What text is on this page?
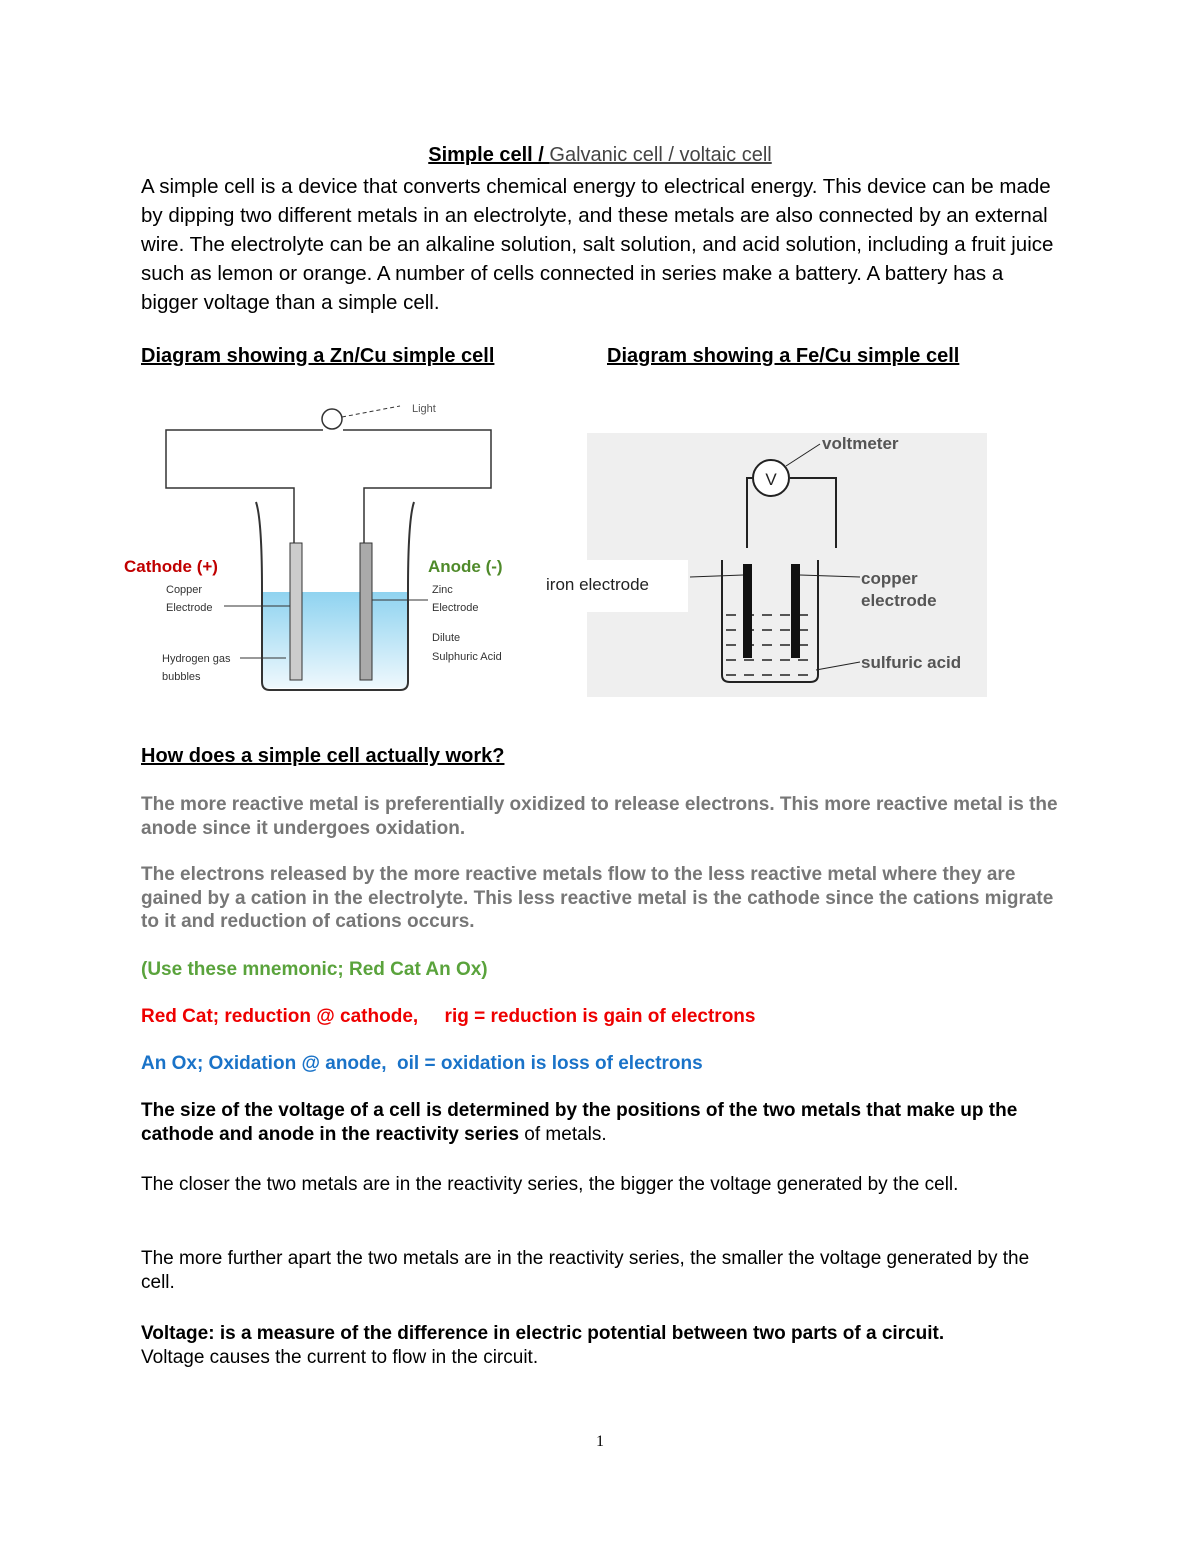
Simple cell / Galvanic cell / voltaic cell
A simple cell is a device that converts chemical energy to electrical energy. This device can be made by dipping two different metals in an electrolyte, and these metals are also connected by an external wire. The electrolyte can be an alkaline solution, salt solution, and acid solution, including a fruit juice such as lemon or orange. A number of cells connected in series make a battery. A battery has a bigger voltage than a simple cell.
Diagram showing a Zn/Cu simple cell	Diagram showing a Fe/Cu simple cell
Light
Cathode (+)	Anode (-)
Copper
Electrode
Hydrogen gas
bubbles
Zinc
Electrode
Dilute
Sulphuric Acid
iron electrode
V
voltmeter
copper
electrode
sulfuric acid
How does a simple cell actually work?
The more reactive metal is preferentially oxidized to release electrons. This more reactive metal is the anode since it undergoes oxidation.
The electrons released by the more reactive metals flow to the less reactive metal where they are gained by a cation in the electrolyte. This less reactive metal is the cathode since the cations migrate to it and reduction of cations occurs.
(Use these mnemonic; Red Cat An Ox)
Red Cat; reduction @ cathode,     rig = reduction is gain of electrons
An Ox; Oxidation @ anode,  oil = oxidation is loss of electrons
The size of the voltage of a cell is determined by the positions of the two metals that make up the cathode and anode in the reactivity series of metals.
The closer the two metals are in the reactivity series, the bigger the voltage generated by the cell.
The more further apart the two metals are in the reactivity series, the smaller the voltage generated by the cell.
Voltage: is a measure of the difference in electric potential between two parts of a circuit.
Voltage causes the current to flow in the circuit.
1
